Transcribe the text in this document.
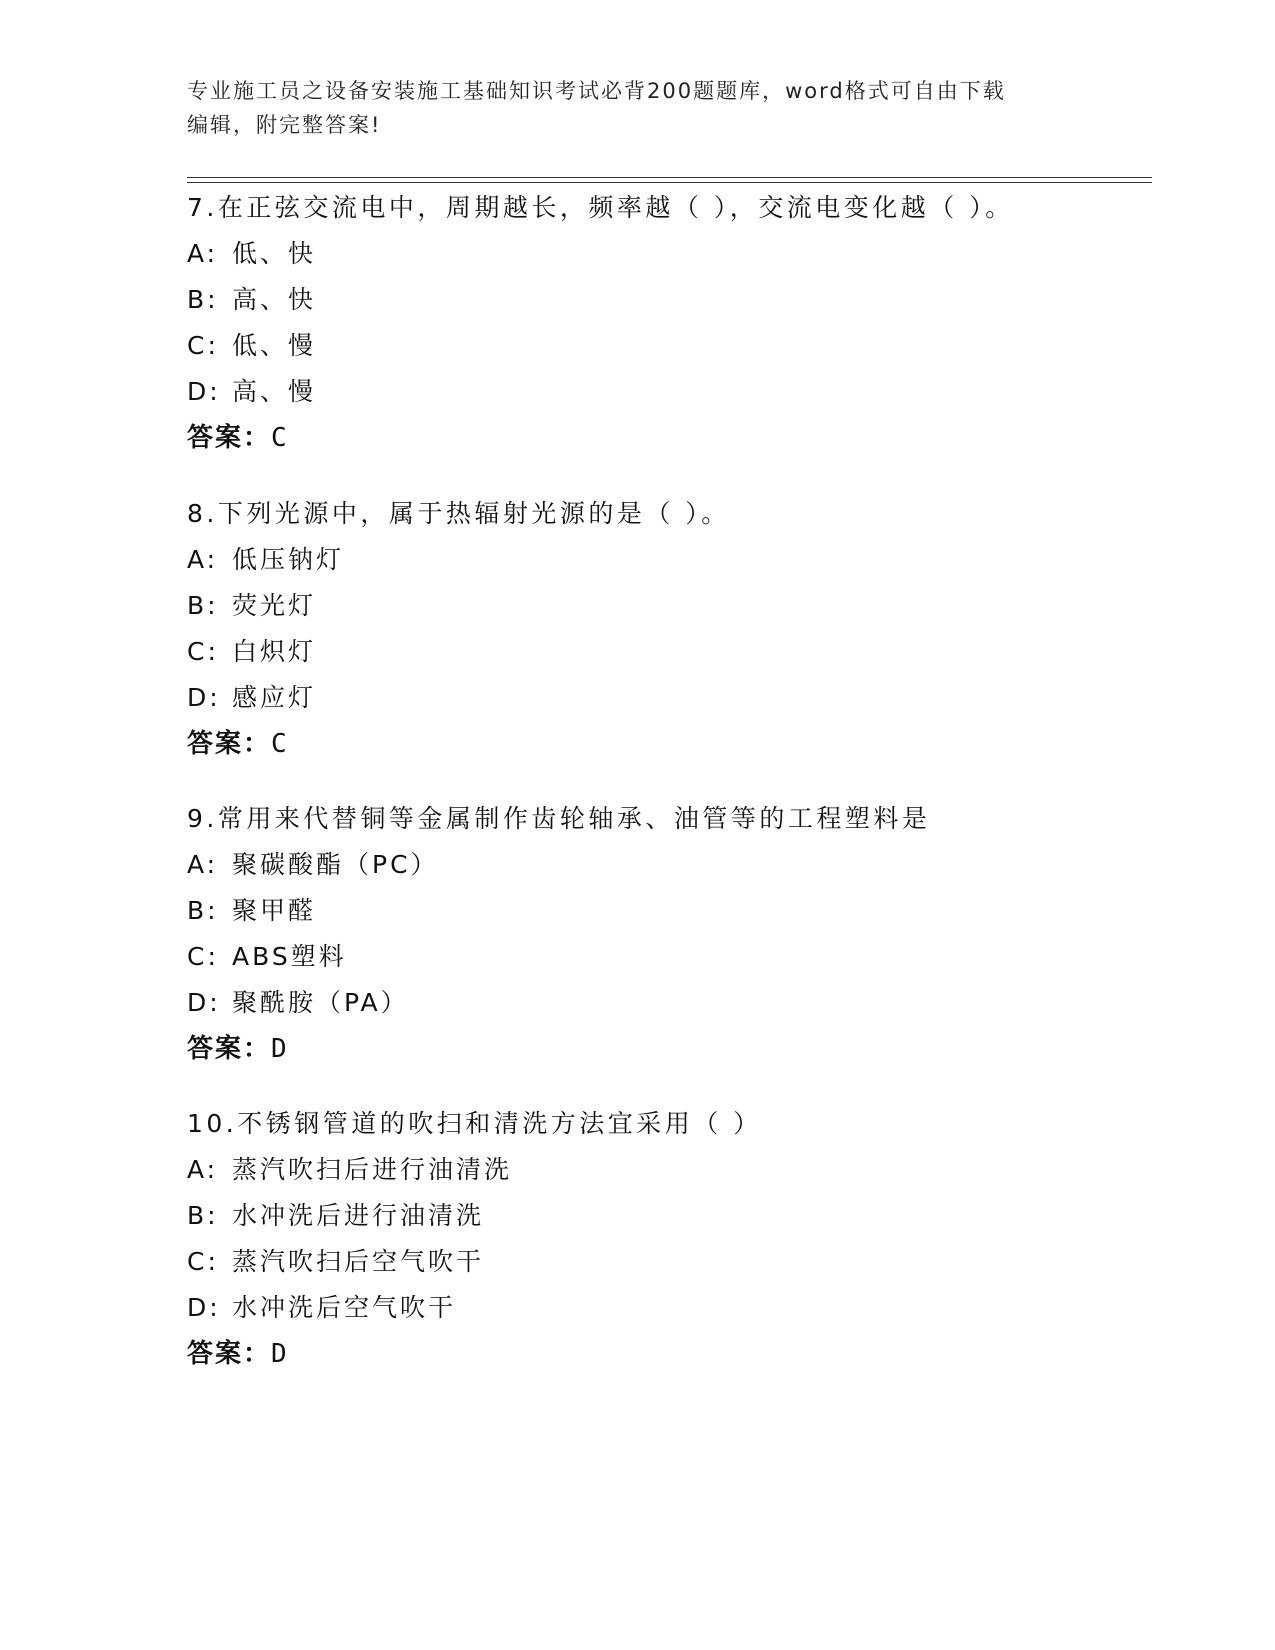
专业施工员之设备安装施工基础知识考试必背200题题库，word格式可自由下载
编辑，附完整答案!
7.在正弦交流电中，周期越长，频率越（ ），交流电变化越（ ）。
A: 低、快
B: 高、快
C: 低、慢
D: 高、慢
答案：C
8.下列光源中，属于热辐射光源的是（ ）。
A: 低压钠灯
B: 荧光灯
C: 白炽灯
D: 感应灯
答案：C
9.常用来代替铜等金属制作齿轮轴承、油管等的工程塑料是
A: 聚碳酸酯（PC）
B: 聚甲醛
C: ABS塑料
D: 聚酰胺（PA）
答案：D
10.不锈钢管道的吹扫和清洗方法宜采用（ ）
A: 蒸汽吹扫后进行油清洗
B: 水冲洗后进行油清洗
C: 蒸汽吹扫后空气吹干
D: 水冲洗后空气吹干
答案：D
